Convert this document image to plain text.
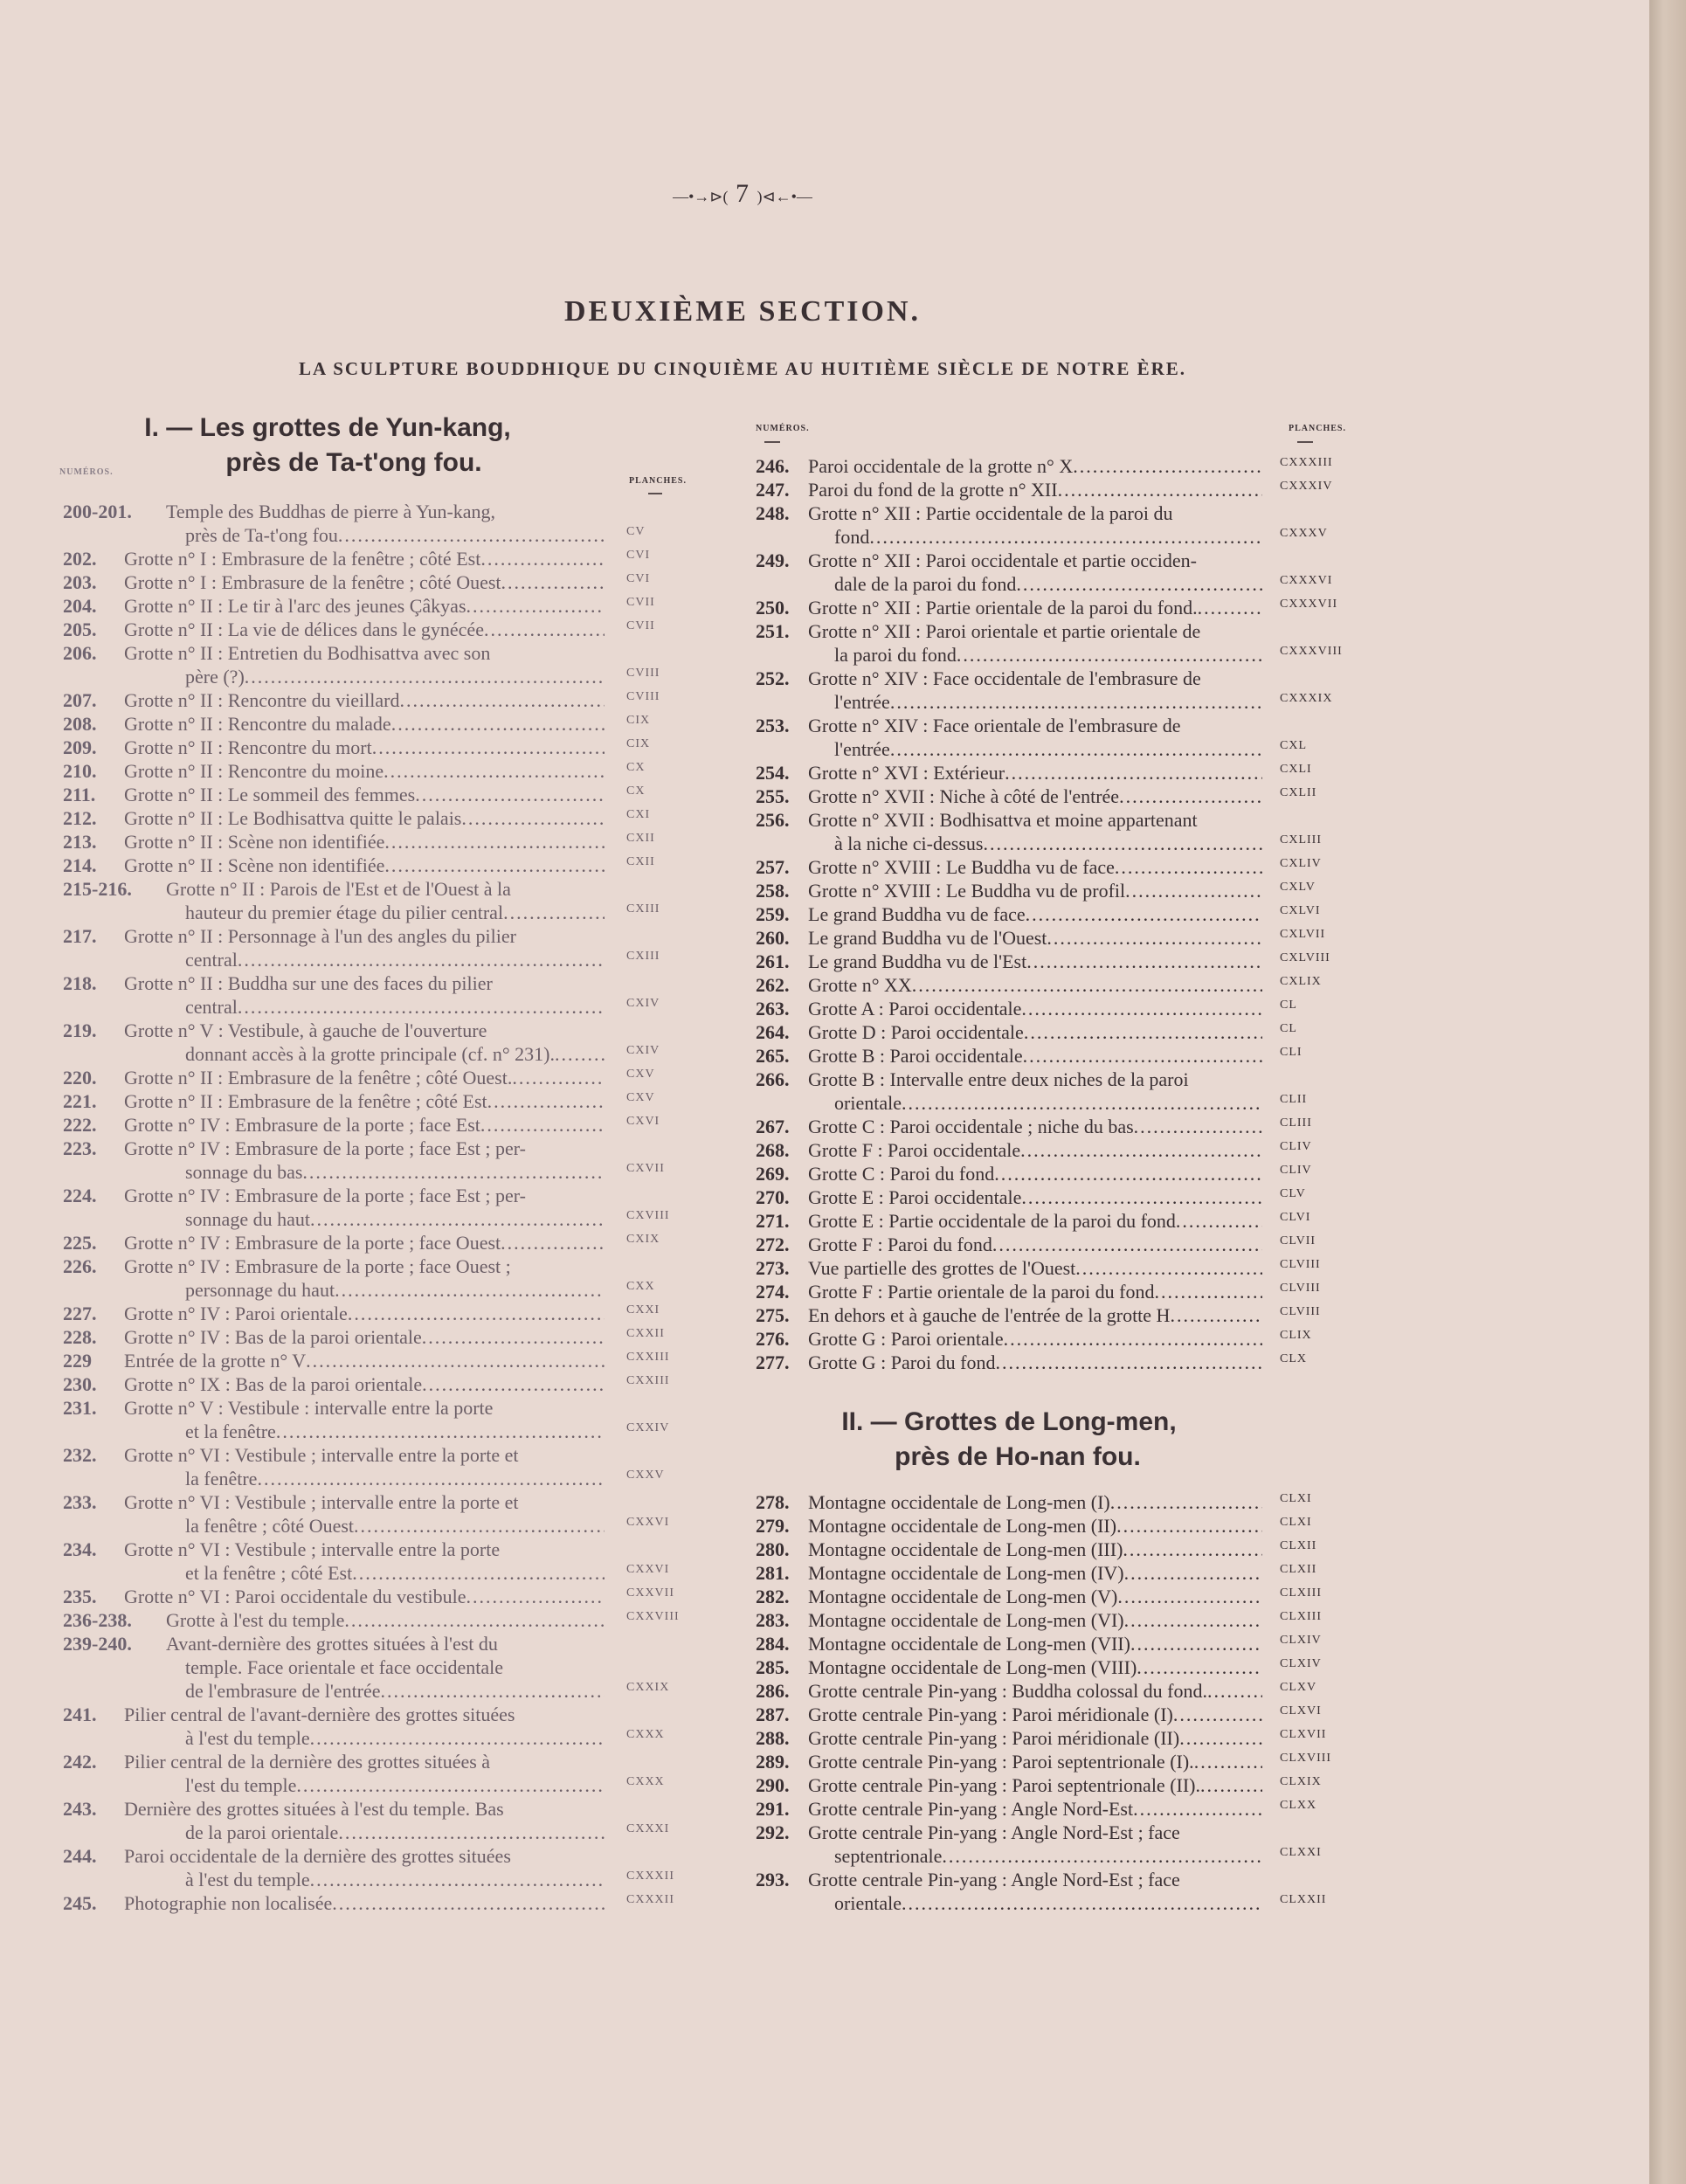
—•→⊳( 7 )⊲←•—
DEUXIÈME SECTION.
LA SCULPTURE BOUDDHIQUE DU CINQUIÈME AU HUITIÈME SIÈCLE DE NOTRE ÈRE.
I. — Les grottes de Yun-kang,
près de Ta-t'ong fou.
NUMÉROS.
PLANCHES.
NUMÉROS.	PLANCHES.
200-201. Temple des Buddhas de pierre à Yun-kang,
près de Ta-t'ong fou .....	CV
202. Grotte n° I : Embrasure de la fenêtre ; côté Est .....	CVI
203. Grotte n° I : Embrasure de la fenêtre ; côté Ouest .....	CVI
204. Grotte n° II : Le tir à l'arc des jeunes Çâkyas .....	CVII
205. Grotte n° II : La vie de délices dans le gynécée .....	CVII
206. Grotte n° II : Entretien du Bodhisattva avec son
père (?) .....	CVIII
207. Grotte n° II : Rencontre du vieillard .....	CVIII
208. Grotte n° II : Rencontre du malade .....	CIX
209. Grotte n° II : Rencontre du mort .....	CIX
210. Grotte n° II : Rencontre du moine .....	CX
211. Grotte n° II : Le sommeil des femmes .....	CX
212. Grotte n° II : Le Bodhisattva quitte le palais .....	CXI
213. Grotte n° II : Scène non identifiée .....	CXII
214. Grotte n° II : Scène non identifiée .....	CXII
215-216. Grotte n° II : Parois de l'Est et de l'Ouest à la
hauteur du premier étage du pilier central .....	CXIII
217. Grotte n° II : Personnage à l'un des angles du pilier
central .....	CXIII
218. Grotte n° II : Buddha sur une des faces du pilier
central .....	CXIV
219. Grotte n° V : Vestibule, à gauche de l'ouverture
donnant accès à la grotte principale (cf. n° 231). .....	CXIV
220. Grotte n° II : Embrasure de la fenêtre ; côté Ouest. .....	CXV
221. Grotte n° II : Embrasure de la fenêtre ; côté Est .....	CXV
222. Grotte n° IV : Embrasure de la porte ; face Est .....	CXVI
223. Grotte n° IV : Embrasure de la porte ; face Est ; per-
sonnage du bas .....	CXVII
224. Grotte n° IV : Embrasure de la porte ; face Est ; per-
sonnage du haut .....	CXVIII
225. Grotte n° IV : Embrasure de la porte ; face Ouest .....	CXIX
226. Grotte n° IV : Embrasure de la porte ; face Ouest ;
personnage du haut .....	CXX
227. Grotte n° IV : Paroi orientale .....	CXXI
228. Grotte n° IV : Bas de la paroi orientale .....	CXXII
229 Entrée de la grotte n° V .....	CXXIII
230. Grotte n° IX : Bas de la paroi orientale .....	CXXIII
231. Grotte n° V : Vestibule : intervalle entre la porte
et la fenêtre .....	CXXIV
232. Grotte n° VI : Vestibule ; intervalle entre la porte et
la fenêtre .....	CXXV
233. Grotte n° VI : Vestibule ; intervalle entre la porte et
la fenêtre ; côté Ouest .....	CXXVI
234. Grotte n° VI : Vestibule ; intervalle entre la porte
et la fenêtre ; côté Est .....	CXXVI
235. Grotte n° VI : Paroi occidentale du vestibule .....	CXXVII
236-238. Grotte à l'est du temple .....	CXXVIII
239-240. Avant-dernière des grottes situées à l'est du
temple. Face orientale et face occidentale
de l'embrasure de l'entrée .....	CXXIX
241. Pilier central de l'avant-dernière des grottes situées
à l'est du temple .....	CXXX
242. Pilier central de la dernière des grottes situées à
l'est du temple .....	CXXX
243. Dernière des grottes situées à l'est du temple. Bas
de la paroi orientale .....	CXXXI
244. Paroi occidentale de la dernière des grottes situées
à l'est du temple .....	CXXXII
245. Photographie non localisée .....	CXXXII
246. Paroi occidentale de la grotte n° X .....	CXXXIII
247. Paroi du fond de la grotte n° XII .....	CXXXIV
248. Grotte n° XII : Partie occidentale de la paroi du
fond .....	CXXXV
249. Grotte n° XII : Paroi occidentale et partie occiden-
dale de la paroi du fond .....	CXXXVI
250. Grotte n° XII : Partie orientale de la paroi du fond. .....	CXXXVII
251. Grotte n° XII : Paroi orientale et partie orientale de
la paroi du fond .....	CXXXVIII
252. Grotte n° XIV : Face occidentale de l'embrasure de
l'entrée .....	CXXXIX
253. Grotte n° XIV : Face orientale de l'embrasure de
l'entrée .....	CXL
254. Grotte n° XVI : Extérieur .....	CXLI
255. Grotte n° XVII : Niche à côté de l'entrée .....	CXLII
256. Grotte n° XVII : Bodhisattva et moine appartenant
à la niche ci-dessus .....	CXLIII
257. Grotte n° XVIII : Le Buddha vu de face .....	CXLIV
258. Grotte n° XVIII : Le Buddha vu de profil .....	CXLV
259. Le grand Buddha vu de face .....	CXLVI
260. Le grand Buddha vu de l'Ouest .....	CXLVII
261. Le grand Buddha vu de l'Est .....	CXLVIII
262. Grotte n° XX .....	CXLIX
263. Grotte A : Paroi occidentale .....	CL
264. Grotte D : Paroi occidentale .....	CL
265. Grotte B : Paroi occidentale .....	CLI
266. Grotte B : Intervalle entre deux niches de la paroi
orientale .....	CLII
267. Grotte C : Paroi occidentale ; niche du bas .....	CLIII
268. Grotte F : Paroi occidentale .....	CLIV
269. Grotte C : Paroi du fond .....	CLIV
270. Grotte E : Paroi occidentale .....	CLV
271. Grotte E : Partie occidentale de la paroi du fond .....	CLVI
272. Grotte F : Paroi du fond .....	CLVII
273. Vue partielle des grottes de l'Ouest .....	CLVIII
274. Grotte F : Partie orientale de la paroi du fond .....	CLVIII
275. En dehors et à gauche de l'entrée de la grotte H .....	CLVIII
276. Grotte G : Paroi orientale .....	CLIX
277. Grotte G : Paroi du fond .....	CLX
II. — Grottes de Long-men,
près de Ho-nan fou.
278. Montagne occidentale de Long-men (I) .....	CLXI
279. Montagne occidentale de Long-men (II) .....	CLXI
280. Montagne occidentale de Long-men (III) .....	CLXII
281. Montagne occidentale de Long-men (IV) .....	CLXII
282. Montagne occidentale de Long-men (V) .....	CLXIII
283. Montagne occidentale de Long-men (VI) .....	CLXIII
284. Montagne occidentale de Long-men (VII) .....	CLXIV
285. Montagne occidentale de Long-men (VIII) .....	CLXIV
286. Grotte centrale Pin-yang : Buddha colossal du fond. .....	CLXV
287. Grotte centrale Pin-yang : Paroi méridionale (I) .....	CLXVI
288. Grotte centrale Pin-yang : Paroi méridionale (II) .....	CLXVII
289. Grotte centrale Pin-yang : Paroi septentrionale (I). .....	CLXVIII
290. Grotte centrale Pin-yang : Paroi septentrionale (II). .....	CLXIX
291. Grotte centrale Pin-yang : Angle Nord-Est .....	CLXX
292. Grotte centrale Pin-yang : Angle Nord-Est ; face
septentrionale .....	CLXXI
293. Grotte centrale Pin-yang : Angle Nord-Est ; face
orientale .....	CLXXII
